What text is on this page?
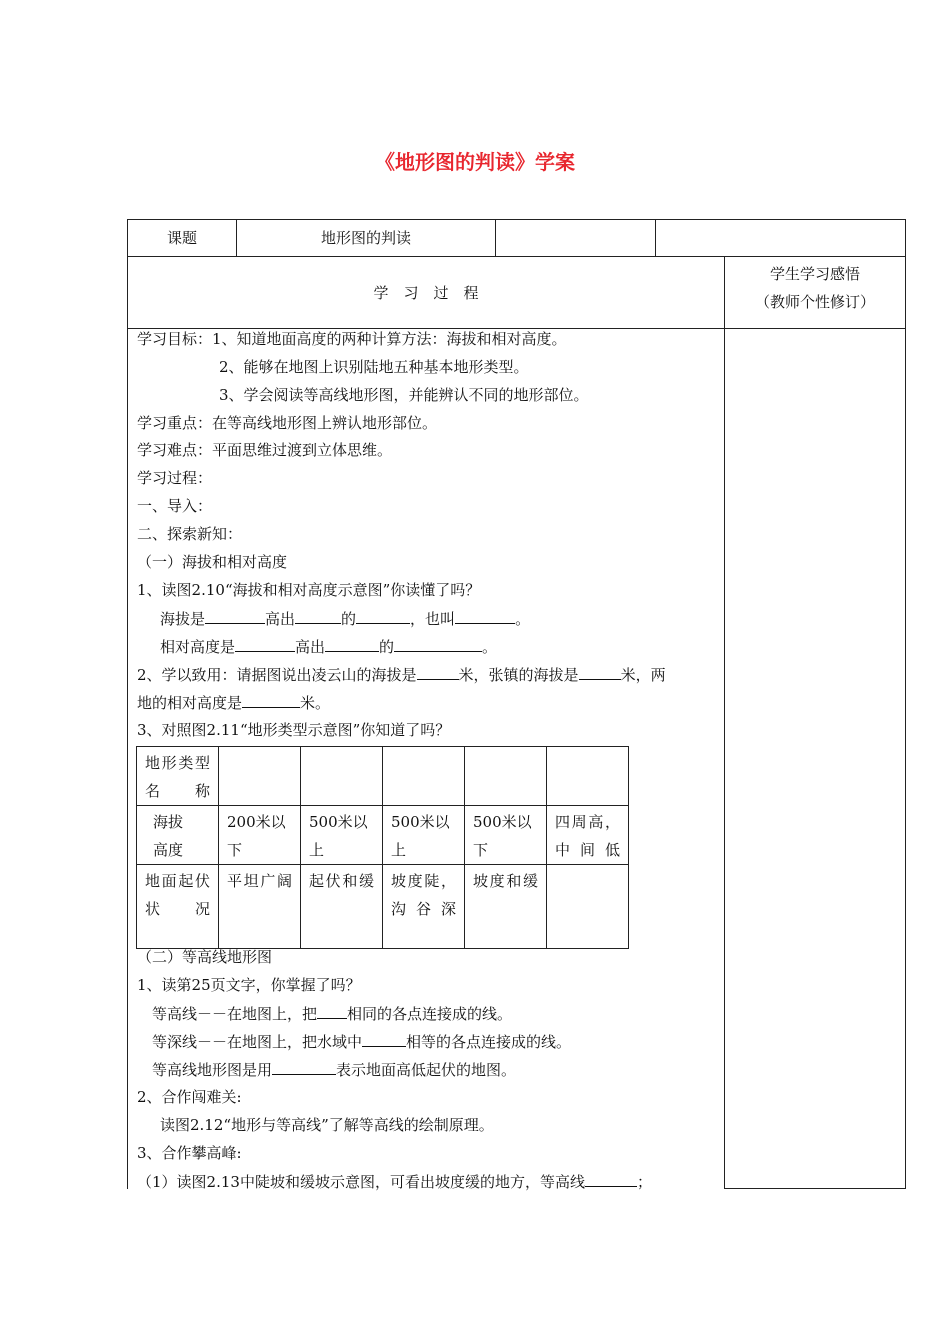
《地形图的判读》学案
课题	地形图的判读
学　习　过　程
学生学习感悟
（教师个性修订）
学习目标：1、知道地面高度的两种计算方法：海拔和相对高度。
2、能够在地图上识别陆地五种基本地形类型。
3、学会阅读等高线地形图，并能辨认不同的地形部位。
学习重点：在等高线地形图上辨认地形部位。
学习难点：平面思维过渡到立体思维。
学习过程：
一、导入：
二、探索新知：
（一）海拔和相对高度
1、读图2.10“海拔和相对高度示意图”你读懂了吗？
海拔是	高出	的	，也叫	。
相对高度是	高出	的	。
2、学以致用：请据图说出凌云山的海拔是	米，张镇的海拔是	米，两
地的相对高度是	米。
3、对照图2.11“地形类型示意图”你知道了吗？
地形类型名称					
海拔高度	200米以下	500米以上	500米以上	500米以下	四周高，中间低
地面起伏状况	平坦广阔	起伏和缓	坡度陡，沟谷深	坡度和缓	
（二）等高线地形图
1、读第25页文字，你掌握了吗？
等高线－－在地图上，把 相同的各点连接成的线。
等深线－－在地图上，把水域中	相等的各点连接成的线。
等高线地形图是用	表示地面高低起伏的地图。
2、合作闯难关:
读图2.12“地形与等高线”了解等高线的绘制原理。
3、合作攀高峰:
（1）读图2.13中陡坡和缓坡示意图，可看出坡度缓的地方，等高线	；
